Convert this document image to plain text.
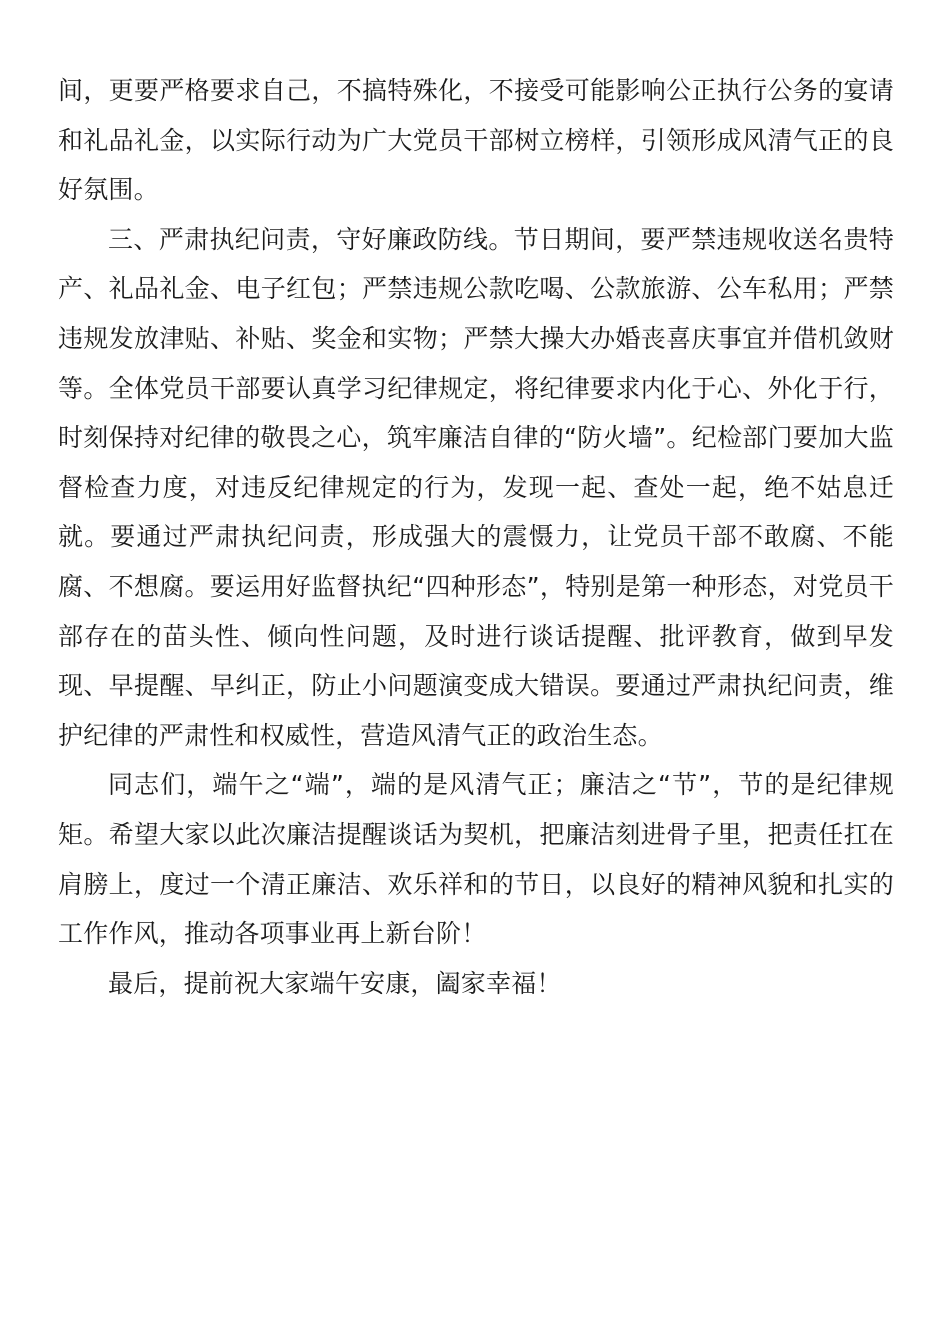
间，更要严格要求自己，不搞特殊化，不接受可能影响公正执行公务的宴请和礼品礼金，以实际行动为广大党员干部树立榜样，引领形成风清气正的良好氛围。

三、严肃执纪问责，守好廉政防线。节日期间，要严禁违规收送名贵特产、礼品礼金、电子红包；严禁违规公款吃喝、公款旅游、公车私用；严禁违规发放津贴、补贴、奖金和实物；严禁大操大办婚丧喜庆事宜并借机敛财等。全体党员干部要认真学习纪律规定，将纪律要求内化于心、外化于行，时刻保持对纪律的敬畏之心，筑牢廉洁自律的“防火墙”。纪检部门要加大监督检查力度，对违反纪律规定的行为，发现一起、查处一起，绝不姑息迁就。要通过严肃执纪问责，形成强大的震慑力，让党员干部不敢腐、不能腐、不想腐。要运用好监督执纪“四种形态”，特别是第一种形态，对党员干部存在的苗头性、倾向性问题，及时进行谈话提醒、批评教育，做到早发现、早提醒、早纠正，防止小问题演变成大错误。要通过严肃执纪问责，维护纪律的严肃性和权威性，营造风清气正的政治生态。

同志们，端午之“端”，端的是风清气正；廉洁之“节”，节的是纪律规矩。希望大家以此次廉洁提醒谈话为契机，把廉洁刻进骨子里，把责任扛在肩膀上，度过一个清正廉洁、欢乐祥和的节日，以良好的精神风貌和扎实的工作作风，推动各项事业再上新台阶！

最后，提前祝大家端午安康，阖家幸福！
